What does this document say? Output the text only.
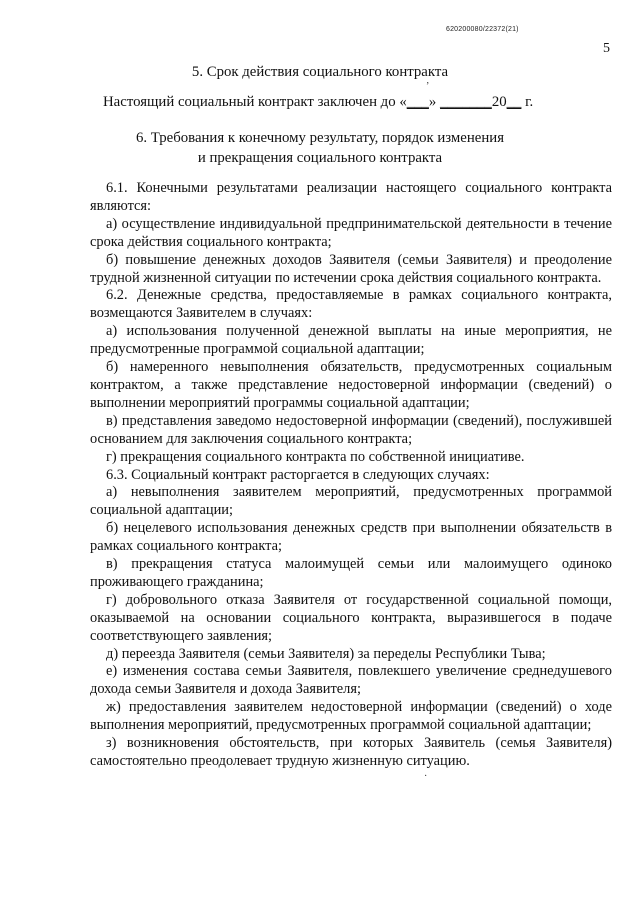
620200080/22372(21)
5
’
5. Срок действия социального контракта
Настоящий социальный контракт заключен до «___» _______20__ г.
6. Требования к конечному результату, порядок изменения
и прекращения социального контракта

6.1. Конечными результатами реализации настоящего социального контракта являются:

а) осуществление индивидуальной предпринимательской деятельности в течение срока действия социального контракта;

б) повышение денежных доходов Заявителя (семьи Заявителя) и преодоление трудной жизненной ситуации по истечении срока действия социального контракта.

6.2. Денежные средства, предоставляемые в рамках социального контракта, возмещаются Заявителем в случаях:

а) использования полученной денежной выплаты на иные мероприятия, не предусмотренные программой социальной адаптации;

б) намеренного невыполнения обязательств, предусмотренных социальным контрактом, а также представление недостоверной информации (сведений) о выполнении мероприятий программы социальной адаптации;

в) представления заведомо недостоверной информации (сведений), послужившей основанием для заключения социального контракта;

г) прекращения социального контракта по собственной инициативе.

6.3. Социальный контракт расторгается в следующих случаях:

а) невыполнения заявителем мероприятий, предусмотренных программой социальной адаптации;

б) нецелевого использования денежных средств при выполнении обязательств в рамках социального контракта;

в) прекращения статуса малоимущей семьи или малоимущего одиноко проживающего гражданина;

г) добровольного отказа Заявителя от государственной социальной помощи, оказываемой на основании социального контракта, выразившегося в подаче соответствующего заявления;

д) переезда Заявителя (семьи Заявителя) за переделы Республики Тыва;

е) изменения состава семьи Заявителя, повлекшего увеличение среднедушевого дохода семьи Заявителя и дохода Заявителя;

ж) предоставления заявителем недостоверной информации (сведений) о ходе выполнения мероприятий, предусмотренных программой социальной адаптации;

з) возникновения обстоятельств, при которых Заявитель (семья Заявителя) самостоятельно преодолевает трудную жизненную ситуацию.

·
